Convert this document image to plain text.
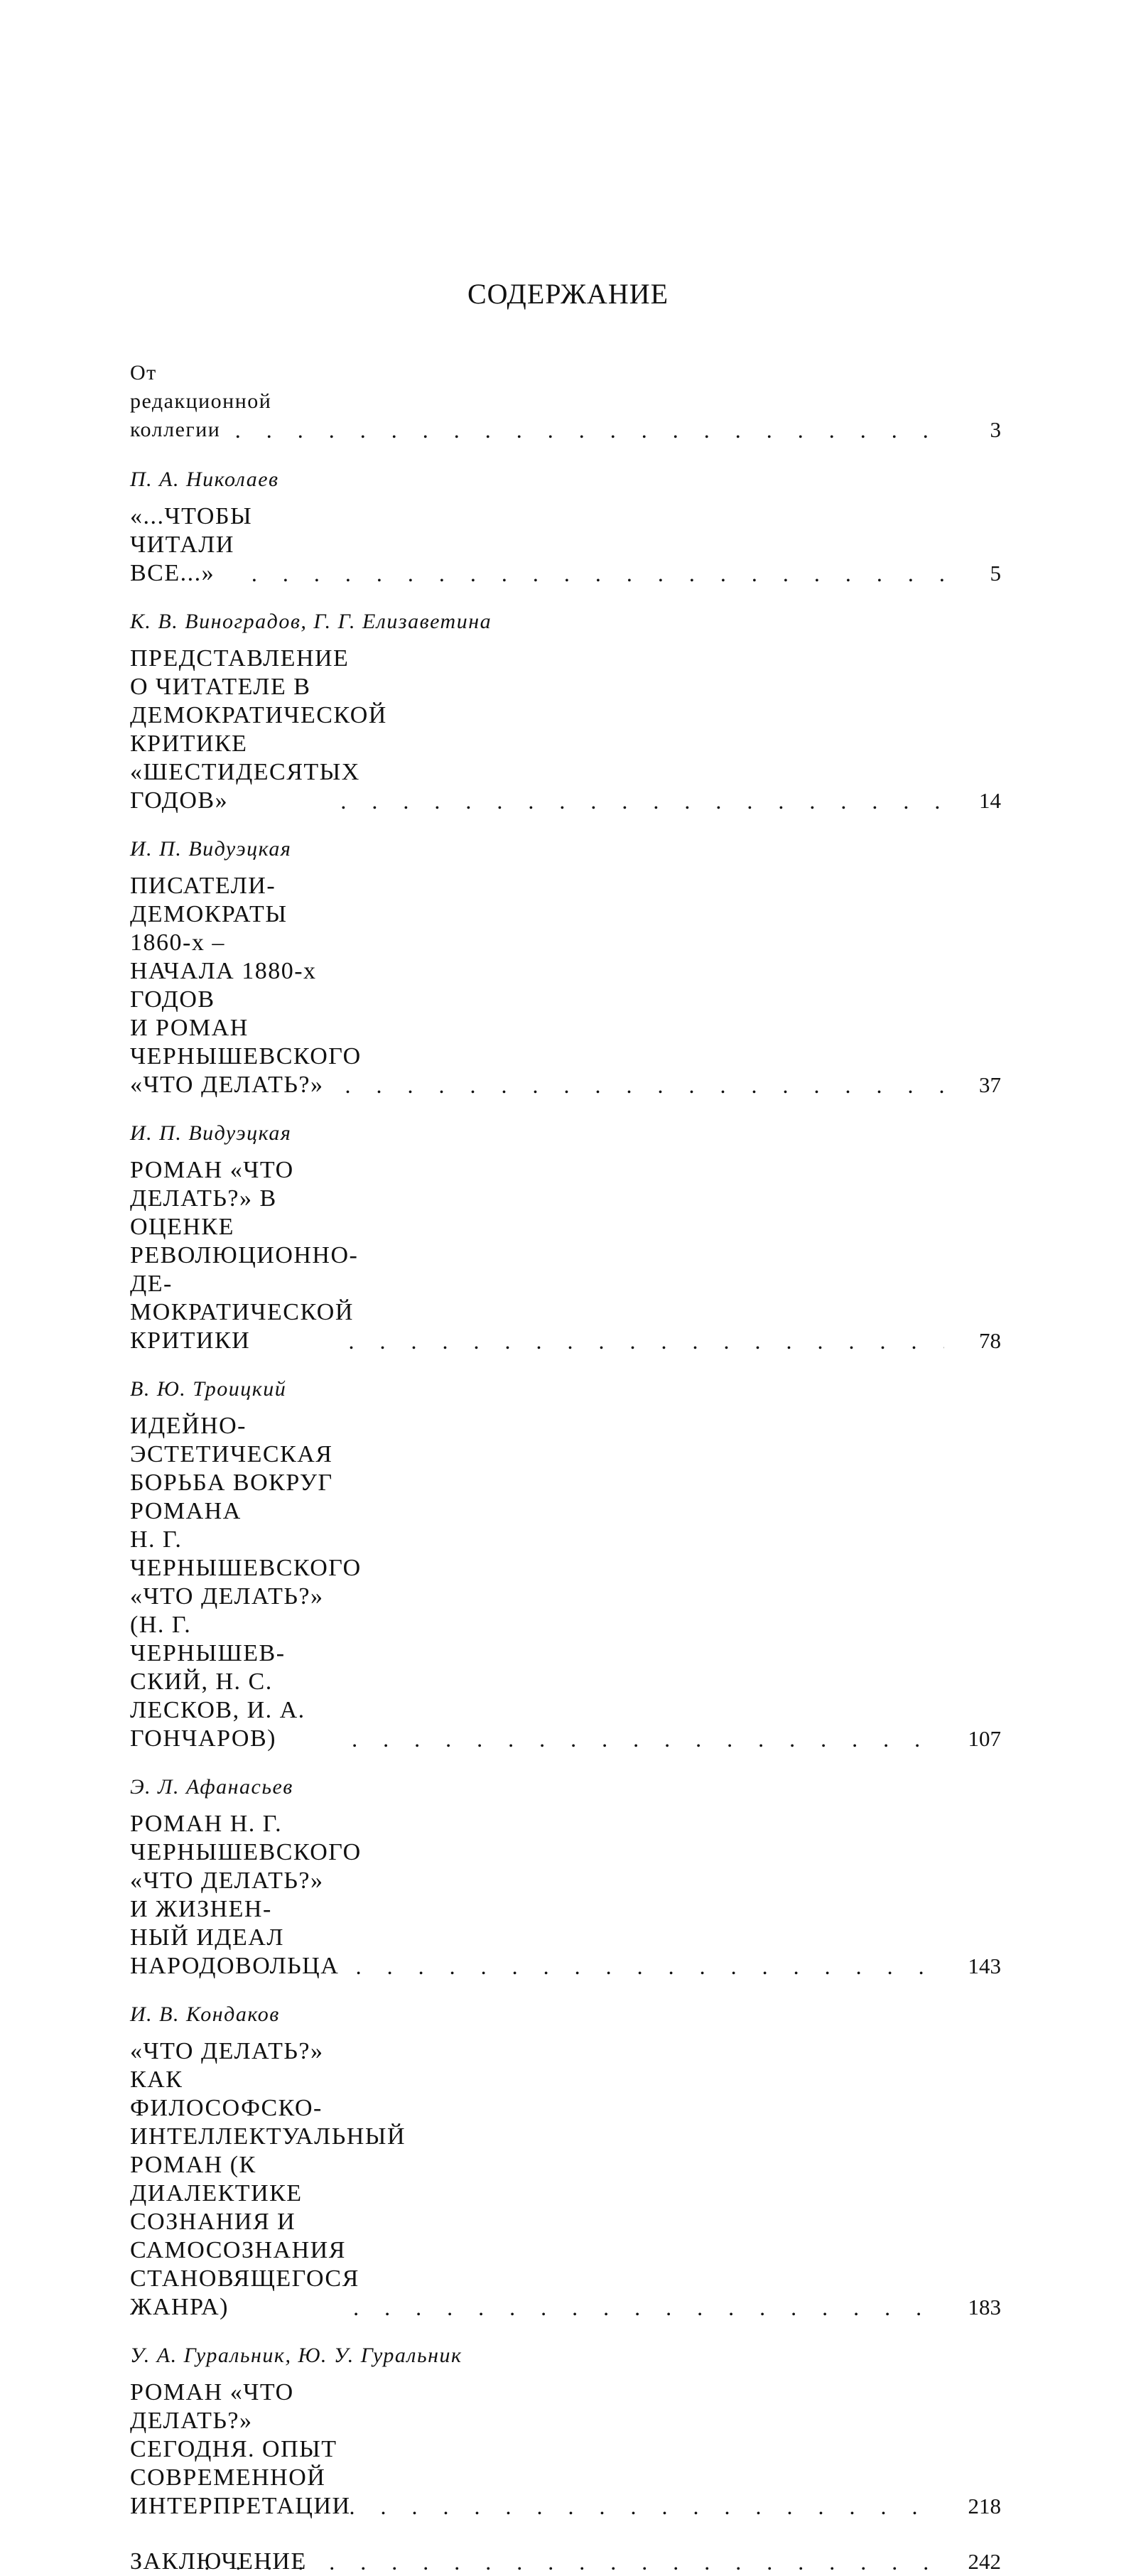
СОДЕРЖАНИЕ
От редакционной коллегии . . .	3
П. А. Николаев
«...ЧТОБЫ ЧИТАЛИ ВСЕ...» . . .	5
К. В. Виноградов, Г. Г. Елизаветина
ПРЕДСТАВЛЕНИЕ О ЧИТАТЕЛЕ В ДЕМОКРАТИЧЕСКОЙ
КРИТИКЕ «ШЕСТИДЕСЯТЫХ ГОДОВ» . . .	14
И. П. Видуэцкая
ПИСАТЕЛИ-ДЕМОКРАТЫ 1860-х – НАЧАЛА 1880-х ГОДОВ
И РОМАН ЧЕРНЫШЕВСКОГО «ЧТО ДЕЛАТЬ?» . . .	37
И. П. Видуэцкая
РОМАН «ЧТО ДЕЛАТЬ?» В ОЦЕНКЕ РЕВОЛЮЦИОННО-ДЕ-
МОКРАТИЧЕСКОЙ КРИТИКИ . . .	78
В. Ю. Троицкий
ИДЕЙНО-ЭСТЕТИЧЕСКАЯ БОРЬБА ВОКРУГ РОМАНА
Н. Г. ЧЕРНЫШЕВСКОГО «ЧТО ДЕЛАТЬ?» (Н. Г. ЧЕРНЫШЕВ-
СКИЙ, Н. С. ЛЕСКОВ, И. А. ГОНЧАРОВ) . . .	107
Э. Л. Афанасьев
РОМАН Н. Г. ЧЕРНЫШЕВСКОГО «ЧТО ДЕЛАТЬ?» И ЖИЗНЕН-
НЫЙ ИДЕАЛ НАРОДОВОЛЬЦА . . .	143
И. В. Кондаков
«ЧТО ДЕЛАТЬ?» КАК ФИЛОСОФСКО-ИНТЕЛЛЕКТУАЛЬНЫЙ
РОМАН (К ДИАЛЕКТИКЕ СОЗНАНИЯ И САМОСОЗНАНИЯ
СТАНОВЯЩЕГОСЯ ЖАНРА) . . .	183
У. А. Гуральник, Ю. У. Гуральник
РОМАН «ЧТО ДЕЛАТЬ?» СЕГОДНЯ. ОПЫТ СОВРЕМЕННОЙ
ИНТЕРПРЕТАЦИИ . . .	218
ЗАКЛЮЧЕНИЕ . . .	242
